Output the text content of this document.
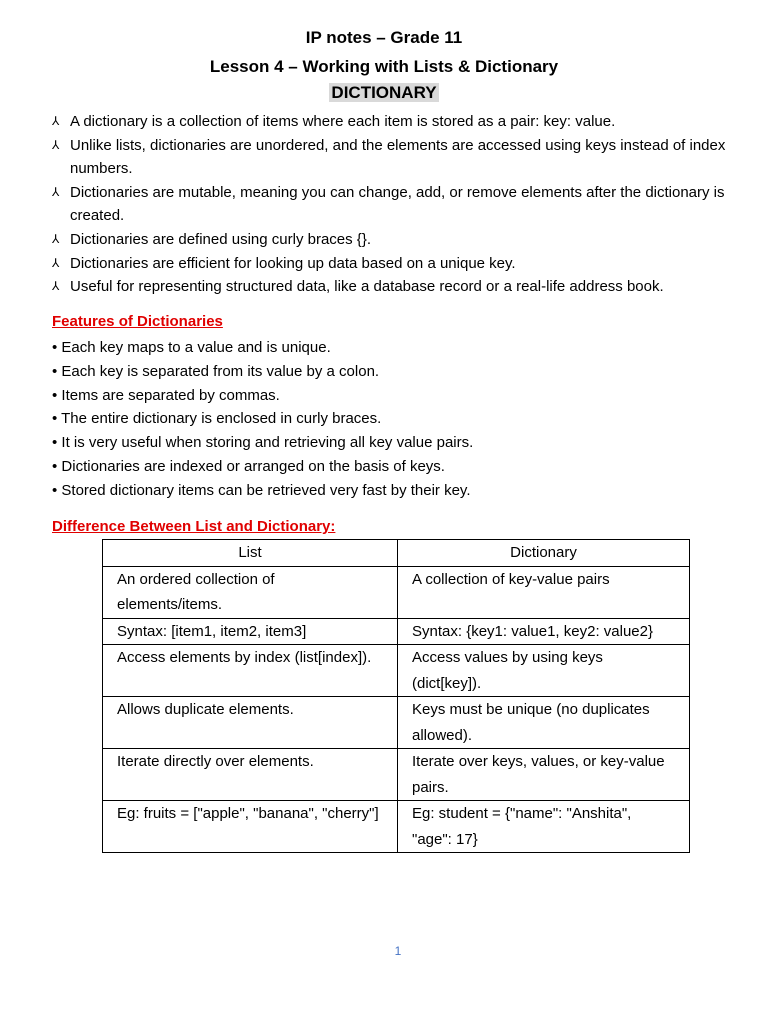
IP notes – Grade 11
Lesson 4 – Working with Lists & Dictionary
DICTIONARY
⅄ A dictionary is a collection of items where each item is stored as a pair: key: value.
⅄ Unlike lists, dictionaries are unordered, and the elements are accessed using keys instead of index numbers.
⅄ Dictionaries are mutable, meaning you can change, add, or remove elements after the dictionary is created.
⅄ Dictionaries are defined using curly braces {}.
⅄ Dictionaries are efficient for looking up data based on a unique key.
⅄ Useful for representing structured data, like a database record or a real-life address book.
Features of Dictionaries
• Each key maps to a value and is unique.
• Each key is separated from its value by a colon.
• Items are separated by commas.
• The entire dictionary is enclosed in curly braces.
• It is very useful when storing and retrieving all key value pairs.
• Dictionaries are indexed or arranged on the basis of keys.
• Stored dictionary items can be retrieved very fast by their key.
Difference Between List and Dictionary:
List	Dictionary
An ordered collection of elements/items.	A collection of key-value pairs
Syntax: [item1, item2, item3]	Syntax: {key1: value1, key2: value2}
Access elements by index (list[index]).	Access values by using keys (dict[key]).
Allows duplicate elements.	Keys must be unique (no duplicates allowed).
Iterate directly over elements.	Iterate over keys, values, or key-value pairs.
Eg: fruits = ["apple", "banana", "cherry"]	Eg: student = {"name": "Anshita", "age": 17}
1
